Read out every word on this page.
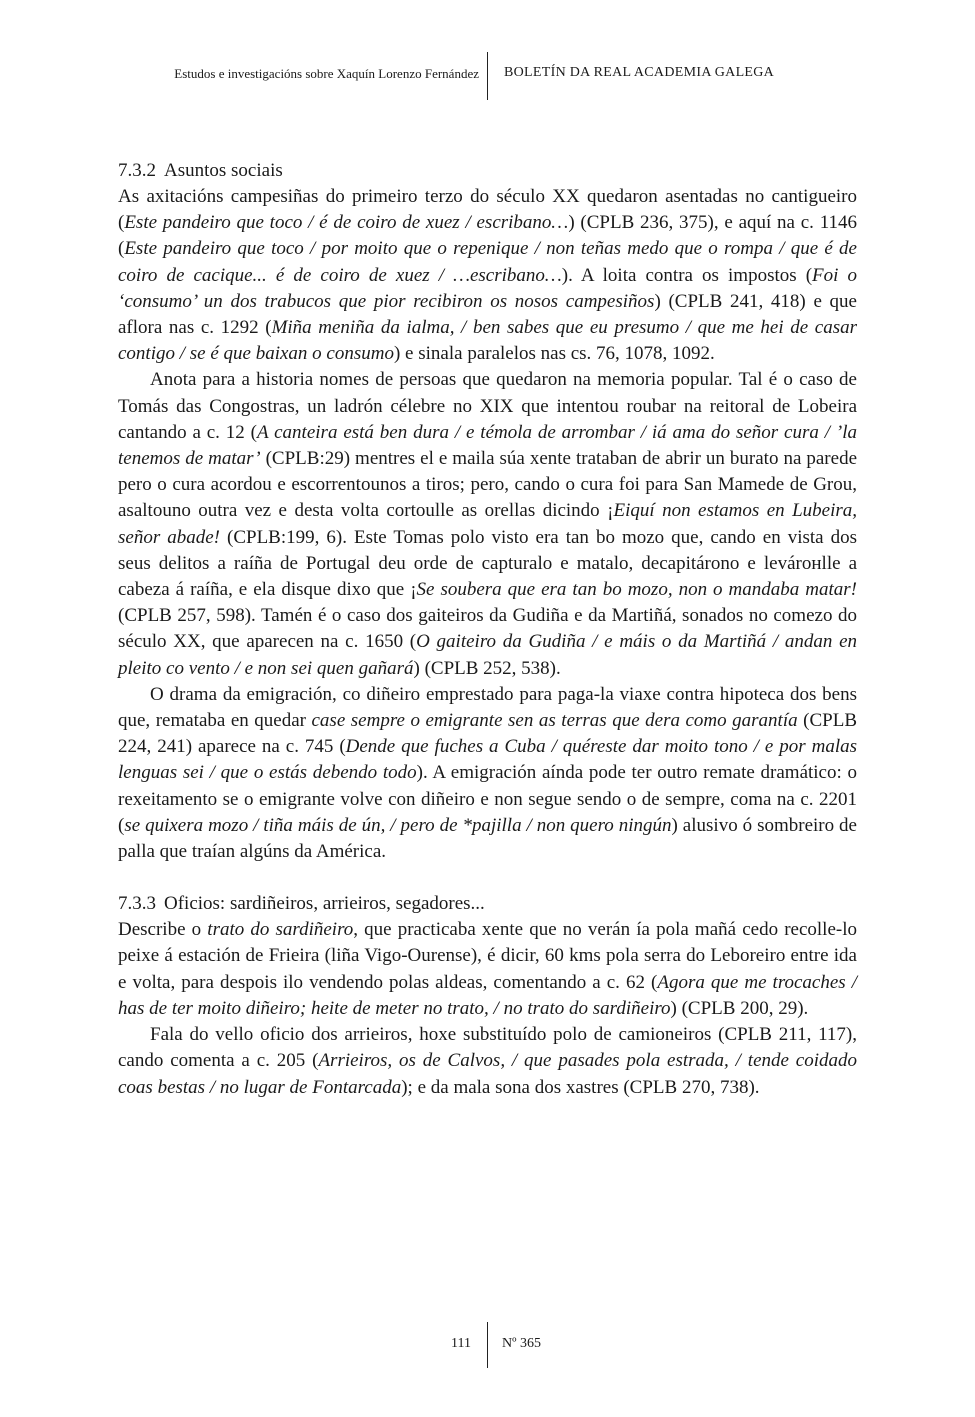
Estudos e investigacións sobre Xaquín Lorenzo Fernández BOLETÍN DA REAL ACADEMIA GALEGA
7.3.2 Asuntos sociais

As axitacións campesiñas do primeiro terzo do século XX quedaron asentadas no cantigueiro (Este pandeiro que toco / é de coiro de xuez / escribano…) (CPLB 236, 375), e aquí na c. 1146 (Este pandeiro que toco / por moito que o repenique / non teñas medo que o rompa / que é de coiro de cacique... é de coiro de xuez / …escribano…). A loita contra os impostos (Foi o ‘consumo’ un dos trabucos que pior recibiron os nosos campesiños) (CPLB 241, 418) e que aflora nas c. 1292 (Miña meniña da ialma, / ben sabes que eu presumo / que me hei de casar contigo / se é que baixan o consumo) e sinala paralelos nas cs. 76, 1078, 1092.

Anota para a historia nomes de persoas que quedaron na memoria popular. Tal é o caso de Tomás das Congostras, un ladrón célebre no XIX que intentou roubar na reitoral de Lobeira cantando a c. 12 (A canteira está ben dura / e témola de arrombar / iá ama do señor cura / ’la tenemos de matar’ (CPLB:29) mentres el e maila súa xente trataban de abrir un burato na parede pero o cura acordou e escorrentounos a tiros; pero, cando o cura foi para San Mamede de Grou, asaltouno outra vez e desta volta cortoulle as orellas dicindo ¡Eiquí non estamos en Lubeira, señor abade! (CPLB:199, 6). Este Tomas polo visto era tan bo mozo que, cando en vista dos seus delitos a raíña de Portugal deu orde de capturalo e matalo, decapitárono e levároнlle a cabeza á raíña, e ela disque dixo que ¡Se soubera que era tan bo mozo, non o mandaba matar! (CPLB 257, 598). Tamén é o caso dos gaiteiros da Gudiña e da Martiñá, sonados no comezo do século XX, que aparecen na c. 1650 (O gaiteiro da Gudiña / e máis o da Martiñá / andan en pleito co vento / e non sei quen gañará) (CPLB 252, 538).

O drama da emigración, co diñeiro emprestado para paga-la viaxe contra hipoteca dos bens que, remataba en quedar case sempre o emigrante sen as terras que dera como garantía (CPLB 224, 241) aparece na c. 745 (Dende que fuches a Cuba / quéreste dar moito tono / e por malas lenguas sei / que o estás debendo todo). A emigración aínda pode ter outro remate dramático: o rexeitamento se o emigrante volve con diñeiro e non segue sendo o de sempre, coma na c. 2201 (se quixera mozo / tiña máis de ún, / pero de *pajilla / non quero ningún) alusivo ó sombreiro de palla que traían algúns da América.

7.3.3 Oficios: sardiñeiros, arrieiros, segadores...

Describe o trato do sardiñeiro, que practicaba xente que no verán ía pola mañá cedo recolle-lo peixe á estación de Frieira (liña Vigo-Ourense), é dicir, 60 kms pola serra do Leboreiro entre ida e volta, para despois ilo vendendo polas aldeas, comentando a c. 62 (Agora que me trocaches / has de ter moito diñeiro; heite de meter no trato, / no trato do sardiñeiro) (CPLB 200, 29).

Fala do vello oficio dos arrieiros, hoxe substituído polo de camioneiros (CPLB 211, 117), cando comenta a c. 205 (Arrieiros, os de Calvos, / que pasades pola estrada, / tende coidado coas bestas / no lugar de Fontarcada); e da mala sona dos xastres (CPLB 270, 738).

111 Nº 365
